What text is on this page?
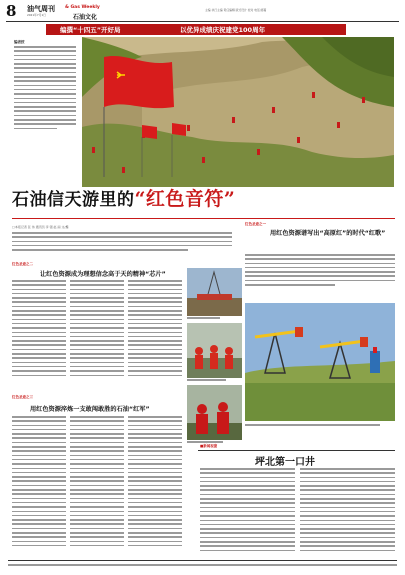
8 油气周刊 & Gas Weekly
2021年7月1日	石油文化
主编 执行主编 责任编辑 版式设计 校对 电话 邮箱
编撰“十四五”开好局	以优异成绩庆祝建党100周年
编者按
石油信天游里的“红色音符”
□本报记者 张 伟 通讯员 李 强 赵 丽 文/摄
红色圣迹之一
用红色资源谱写出“高原红”的时代“红歌”
红色圣迹之二
让红色资源成为理想信念高于天的精神“芯片”
红色圣迹之三
用红色资源淬炼一支敢闯敢胜的石油“红军”
■新闻视窗
坪北第一口井
